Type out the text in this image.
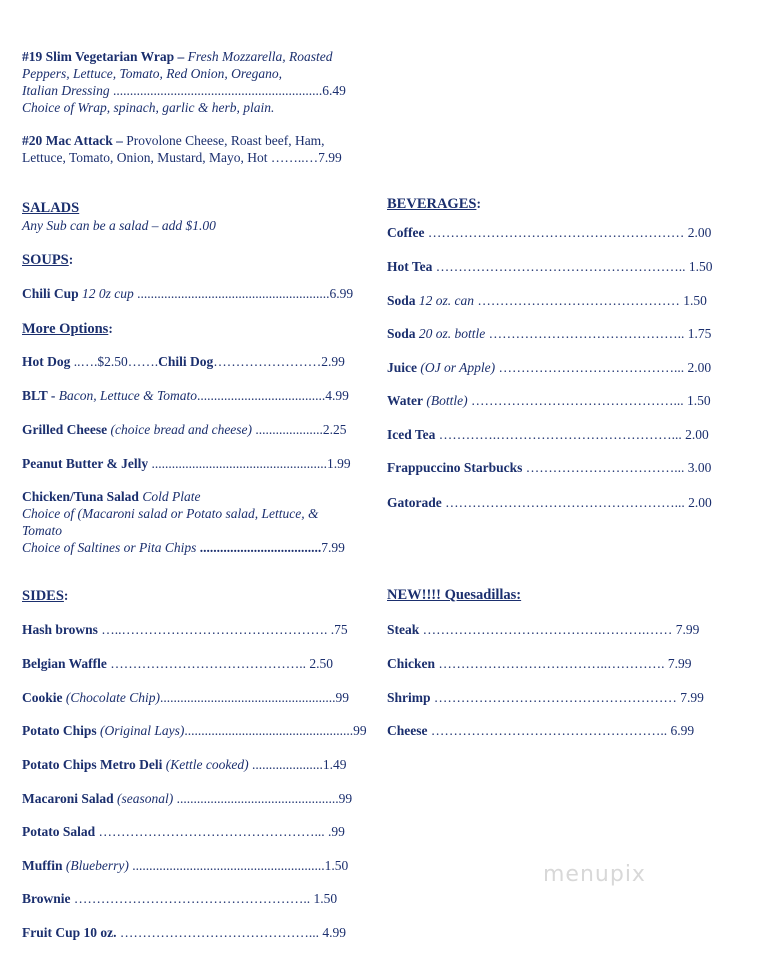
#19 Slim Vegetarian Wrap – Fresh Mozzarella, Roasted
Peppers, Lettuce, Tomato, Red Onion, Oregano,
Italian Dressing ..............................................................6.49
Choice of Wrap, spinach, garlic & herb, plain.
#20 Mac Attack – Provolone Cheese, Roast beef, Ham,
Lettuce, Tomato, Onion, Mustard, Mayo, Hot ……..…7.99
SALADS
Any Sub can be a salad – add $1.00
SOUPS:
Chili Cup 12 0z cup .........................................................6.99
More Options:
Hot Dog ..….$2.50…….Chili Dog……………………2.99
BLT - Bacon, Lettuce & Tomato......................................4.99
Grilled Cheese (choice bread and cheese) ....................2.25
Peanut Butter & Jelly ....................................................1.99
Chicken/Tuna Salad Cold Plate
Choice of (Macaroni salad or Potato salad, Lettuce, &
Tomato
Choice of Saltines or Pita Chips ....................................7.99
SIDES:
Hash browns …..………………………………………. .75
Belgian Waffle …………………………………….. 2.50
Cookie (Chocolate Chip)....................................................99
Potato Chips (Original Lays)..................................................99
Potato Chips Metro Deli (Kettle cooked) .....................1.49
Macaroni Salad (seasonal) ................................................99
Potato Salad …………………………………………... .99
Muffin (Blueberry) .........................................................1.50
Brownie …………………………………………….. 1.50
Fruit Cup 10 oz. ……………………………………... 4.99
BEVERAGES:
Coffee ………………………………………………… 2.00
Hot Tea ……………………………………………….. 1.50
Soda 12 oz. can ……………………………………… 1.50
Soda 20 oz. bottle …………………………………….. 1.75
Juice (OJ or Apple) …………………………………... 2.00
Water (Bottle) ………………………………………... 1.50
Iced Tea ………….…………………………………... 2.00
Frappuccino Starbucks ……………………………... 3.00
Gatorade ……………………………………………... 2.00
NEW!!!! Quesadillas:
Steak ………………………………….……….…… 7.99
Chicken ………………………………..…………. 7.99
Shrimp ……………………………………………… 7.99
Cheese …………………………………………….. 6.99
menupix
